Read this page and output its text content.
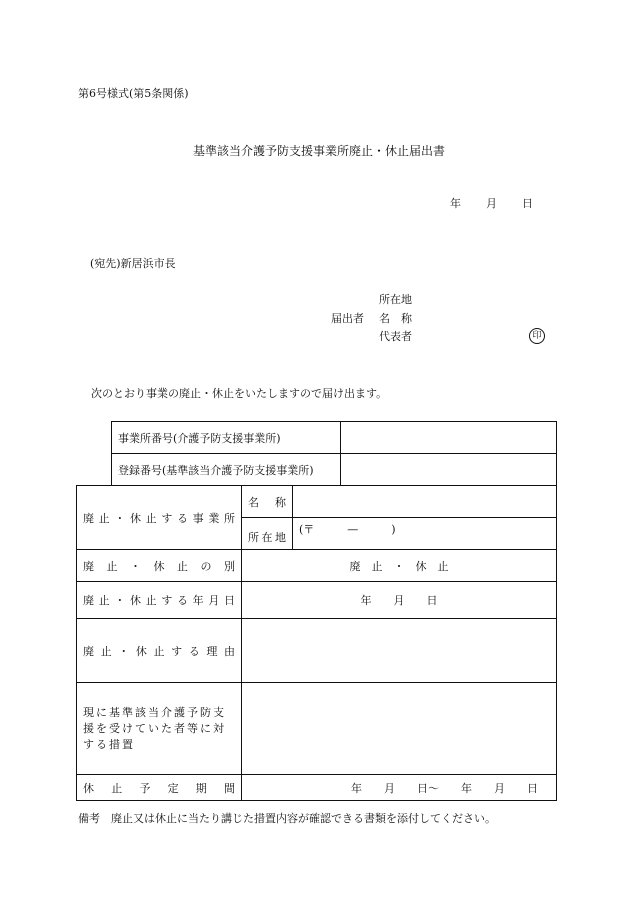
第6号様式(第5条関係)
基準該当介護予防支援事業所廃止・休止届出書
年　　月　　日
(宛先)新居浜市長
所在地
届出者 名　称
代表者	印
次のとおり事業の廃止・休止をいたしますので届け出ます。
事業所番号(介護予防支援事業所)	
登録番号(基準該当介護予防支援事業所)	
廃止・休止する事業所	名　称	

	所在地	(〒　　　—　　　)

廃止・休止の別	廃　止　・　休　止	

廃止・休止する年月日	年　　月　　日	

廃止・休止する理由		

現に基準該当介護予防支援を受けていた者等に対する措置		

休止予定期間	年　　月　　日～　　年　　月　　日	
備考　廃止又は休止に当たり講じた措置内容が確認できる書類を添付してください。
